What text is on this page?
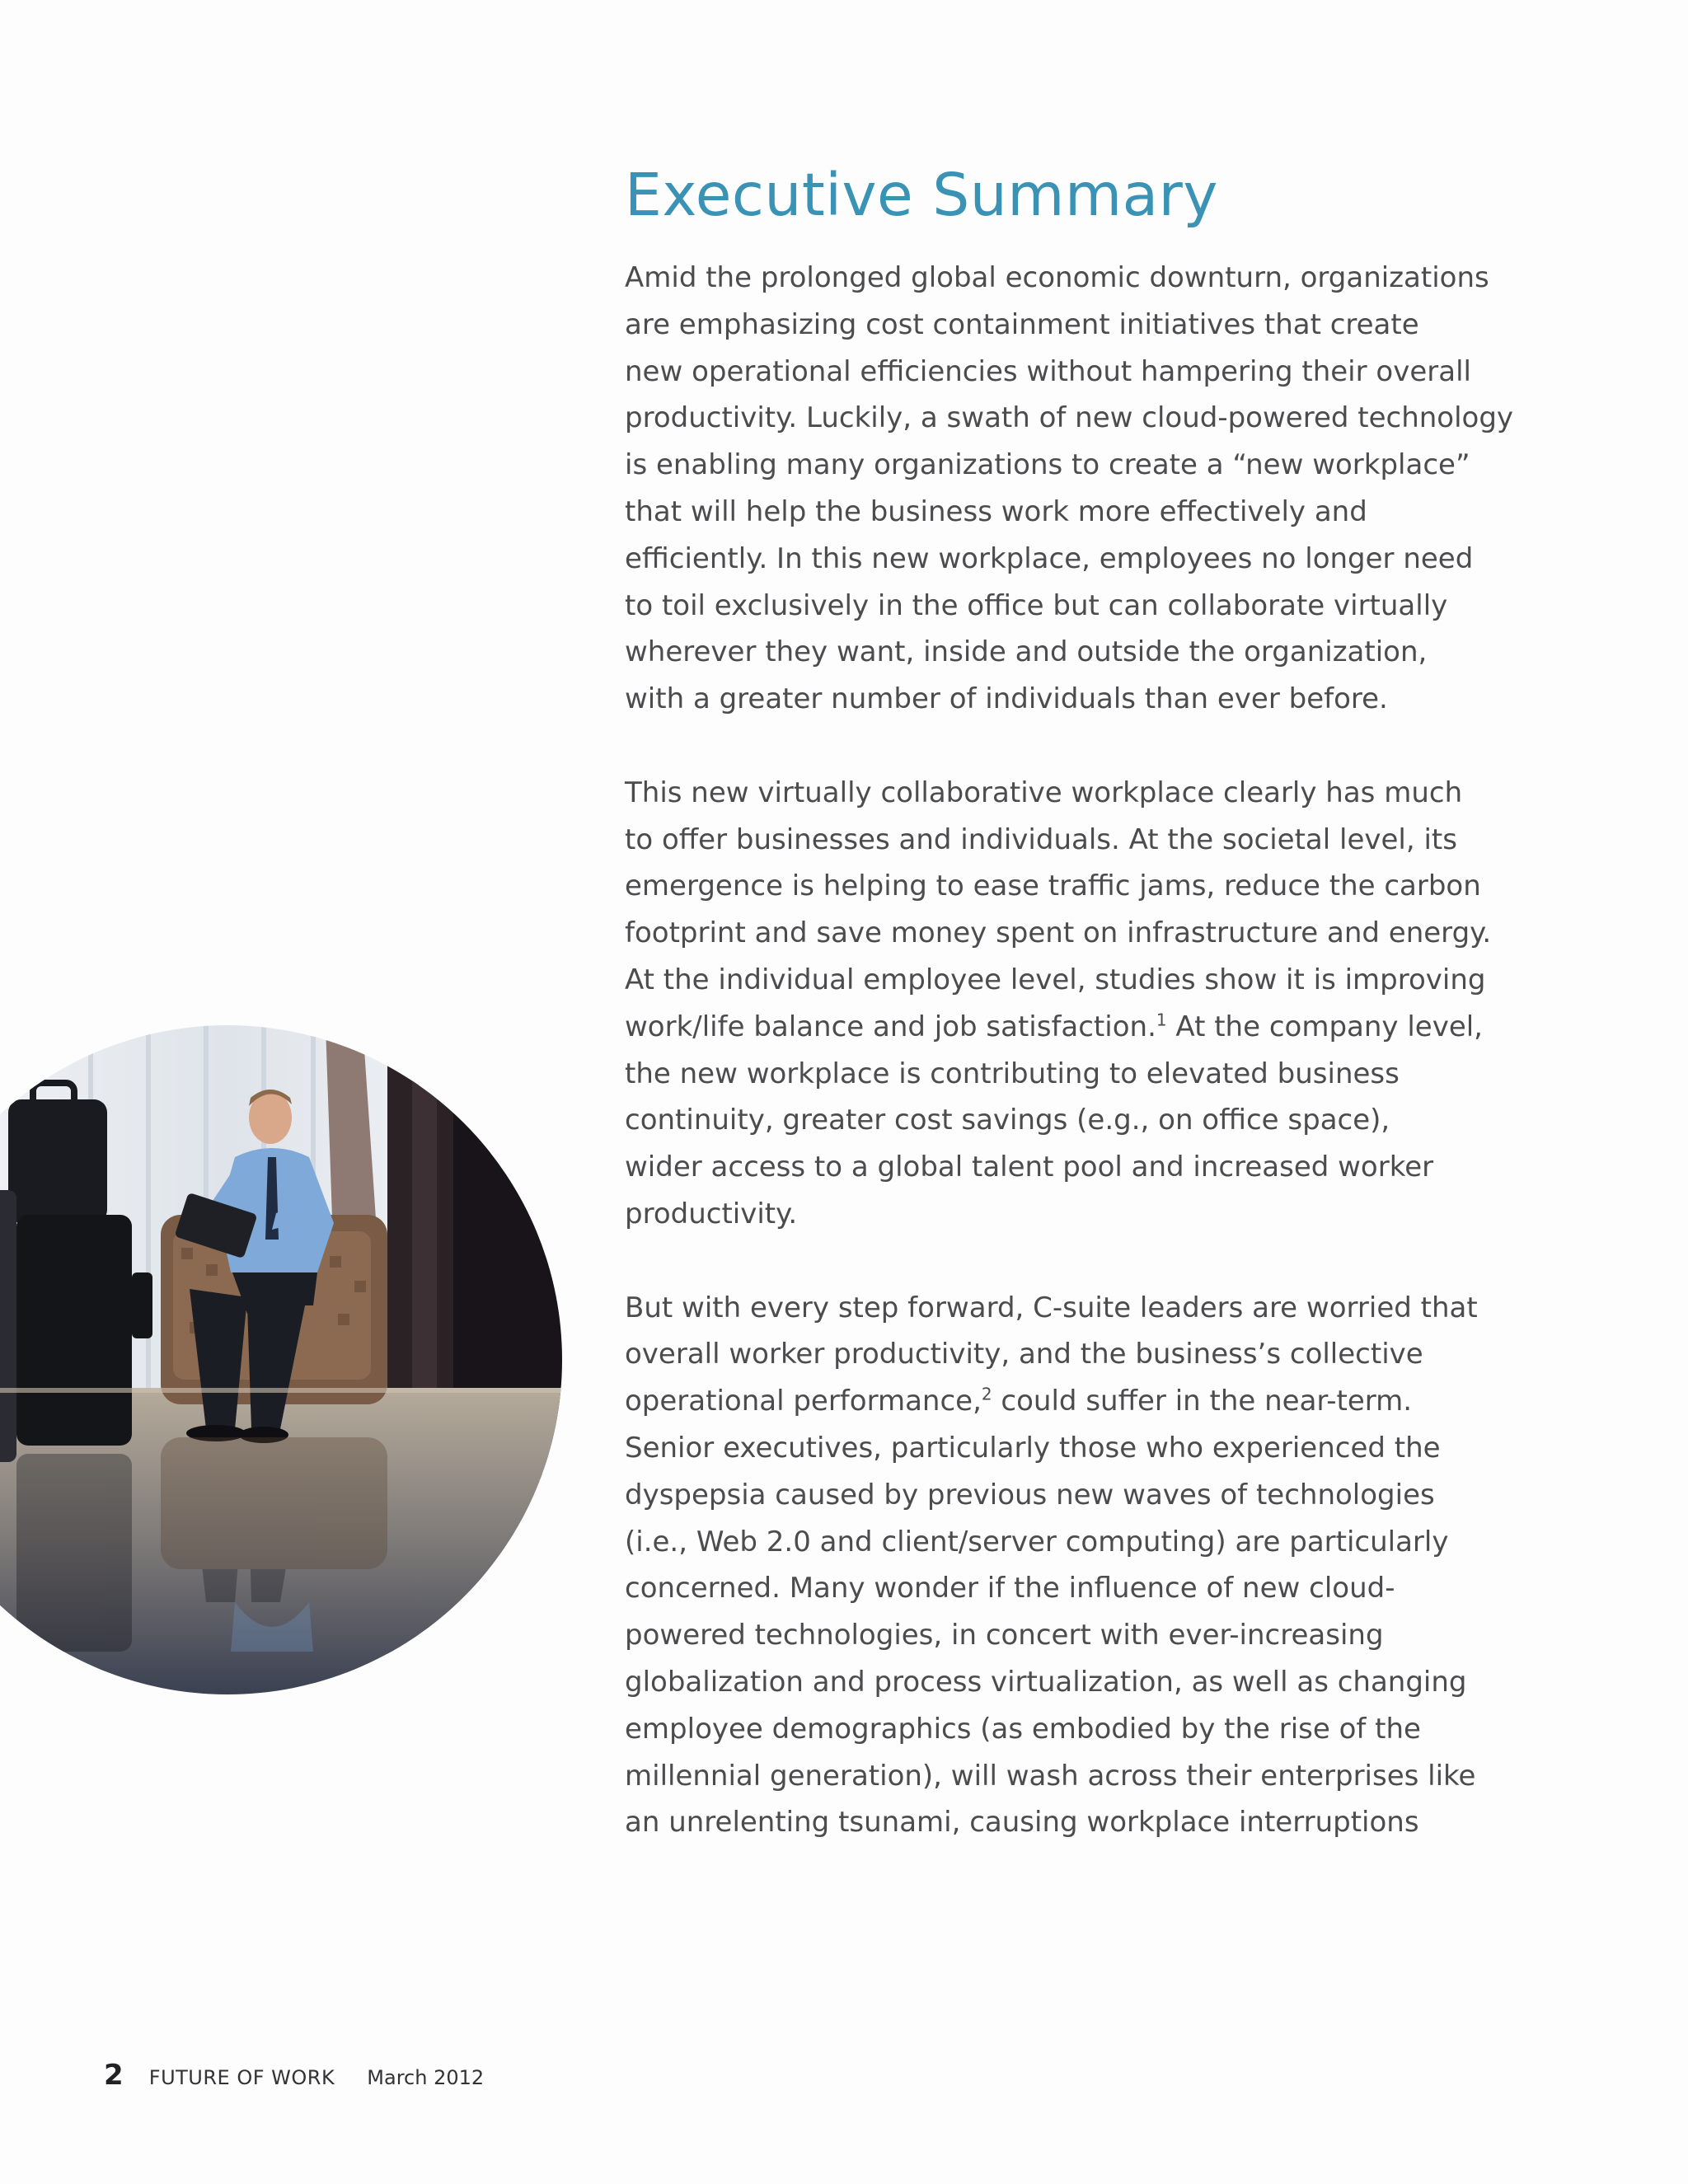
Executive Summary

Amid the prolonged global economic downturn, organizations
are emphasizing cost containment initiatives that create
new operational efficiencies without hampering their overall
productivity. Luckily, a swath of new cloud-powered technology
is enabling many organizations to create a “new workplace”
that will help the business work more effectively and
efficiently. In this new workplace, employees no longer need
to toil exclusively in the office but can collaborate virtually
wherever they want, inside and outside the organization,
with a greater number of individuals than ever before.

This new virtually collaborative workplace clearly has much
to offer businesses and individuals. At the societal level, its
emergence is helping to ease traffic jams, reduce the carbon
footprint and save money spent on infrastructure and energy.
At the individual employee level, studies show it is improving
work/life balance and job satisfaction.$^1$ At the company level,
the new workplace is contributing to elevated business
continuity, greater cost savings (e.g., on office space),
wider access to a global talent pool and increased worker
productivity.

But with every step forward, C-suite leaders are worried that
overall worker productivity, and the business’s collective
operational performance,$^2$ could suffer in the near-term.
Senior executives, particularly those who experienced the
dyspepsia caused by previous new waves of technologies
(i.e., Web 2.0 and client/server computing) are particularly
concerned. Many wonder if the influence of new cloud-
powered technologies, in concert with ever-increasing
globalization and process virtualization, as well as changing
employee demographics (as embodied by the rise of the
millennial generation), will wash across their enterprises like
an unrelenting tsunami, causing workplace interruptions

2 FUTURE OF WORK March 2012
